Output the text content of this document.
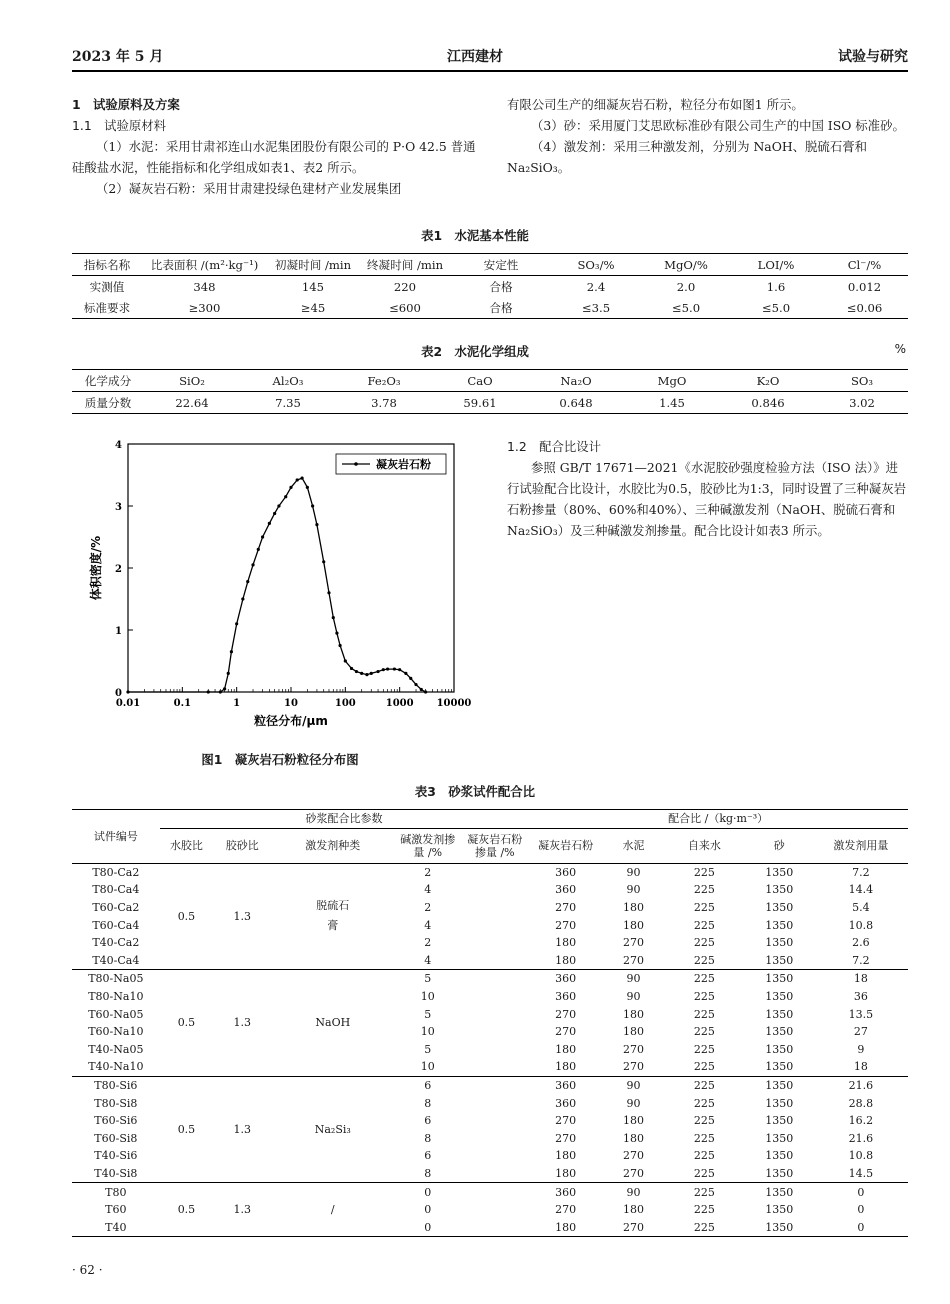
2023 年 5 月	江西建材	试验与研究

1　试验原料及方案

1.1　试验原材料

（1）水泥：采用甘肃祁连山水泥集团股份有限公司的 P·O 42.5 普通硅酸盐水泥，性能指标和化学组成如表1、表2 所示。

（2）凝灰岩石粉：采用甘肃建投绿色建材产业发展集团

有限公司生产的细凝灰岩石粉，粒径分布如图1 所示。

（3）砂：采用厦门艾思欧标准砂有限公司生产的中国 ISO 标准砂。

（4）激发剂：采用三种激发剂，分别为 NaOH、脱硫石膏和 Na₂SiO₃。

表1　水泥基本性能
指标名称	比表面积 /(m²·kg⁻¹)	初凝时间 /min	终凝时间 /min	安定性	SO₃/%	MgO/%	LOI/%	Cl⁻/%
实测值	348	145	220	合格	2.4	2.0	1.6	0.012
标准要求	≥300	≥45	≤600	合格	≤3.5	≤5.0	≤5.0	≤0.06
表2　水泥化学组成	%
化学成分	SiO₂	Al₂O₃	Fe₂O₃	CaO	Na₂O	MgO	K₂O	SO₃
质量分数	22.64	7.35	3.78	59.61	0.648	1.45	0.846	3.02
0.01	0.1	1	10	100	1000 10000
0
1
2
3
4
粒径分布/μm
体积密度/%
凝灰岩石粉
图1　凝灰岩石粉粒径分布图

1.2　配合比设计

参照 GB/T 17671—2021《水泥胶砂强度检验方法（ISO 法）》进行试验配合比设计，水胶比为0.5，胶砂比为1:3，同时设置了三种凝灰岩石粉掺量（80%、60%和40%）、三种碱激发剂（NaOH、脱硫石膏和 Na₂SiO₃）及三种碱激发剂掺量。配合比设计如表3 所示。

表3　砂浆试件配合比
试件编号	砂浆配合比参数					配合比 /（kg·m⁻³）				
	水胶比	胶砂比	激发剂种类	碱激发剂掺量 /%	凝灰岩石粉掺量 /%	凝灰岩石粉	水泥	自来水	砂	激发剂用量
T80-Ca2	0.5	1.3	脱硫石膏	2		360	90	225	1350	7.2
T80-Ca4				4		360	90	225	1350	14.4
T60-Ca2				2		270	180	225	1350	5.4
T60-Ca4				4		270	180	225	1350	10.8
T40-Ca2				2		180	270	225	1350	2.6
T40-Ca4				4		180	270	225	1350	7.2
T80-Na05	0.5	1.3	NaOH	5		360	90	225	1350	18
T80-Na10				10		360	90	225	1350	36
T60-Na05				5		270	180	225	1350	13.5
T60-Na10				10		270	180	225	1350	27
T40-Na05				5		180	270	225	1350	9
T40-Na10				10		180	270	225	1350	18
T80-Si6	0.5	1.3	Na₂Si₃	6		360	90	225	1350	21.6
T80-Si8				8		360	90	225	1350	28.8
T60-Si6				6		270	180	225	1350	16.2
T60-Si8				8		270	180	225	1350	21.6
T40-Si6				6		180	270	225	1350	10.8
T40-Si8				8		180	270	225	1350	14.5
T80	0.5	1.3	/	0		360	90	225	1350	0
T60				0		270	180	225	1350	0
T40				0		180	270	225	1350	0
· 62 ·
